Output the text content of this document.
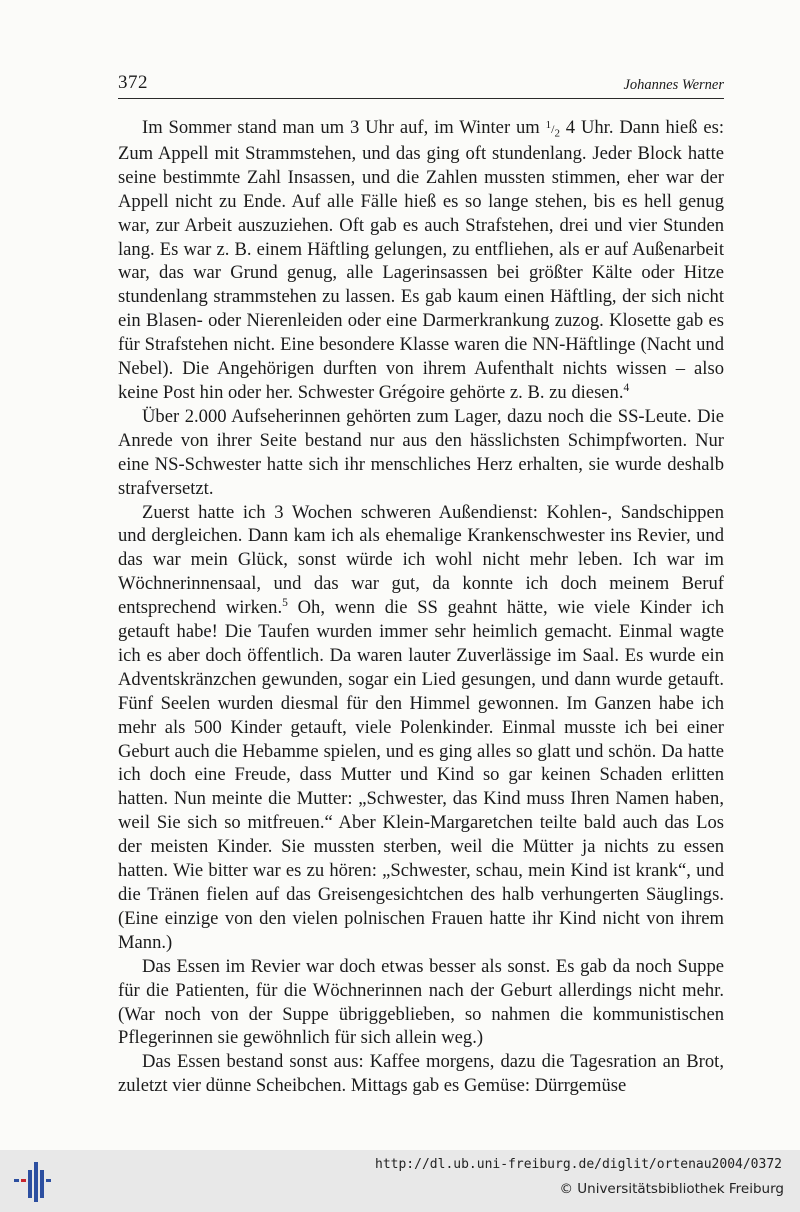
372	Johannes Werner

Im Sommer stand man um 3 Uhr auf, im Winter um $^1/_2$ 4 Uhr. Dann hieß es: Zum Appell mit Strammstehen, und das ging oft stundenlang. Jeder Block hatte seine bestimmte Zahl Insassen, und die Zahlen mussten stimmen, eher war der Appell nicht zu Ende. Auf alle Fälle hieß es so lange stehen, bis es hell genug war, zur Arbeit auszuziehen. Oft gab es auch Strafstehen, drei und vier Stunden lang. Es war z. B. einem Häftling gelungen, zu entfliehen, als er auf Außenarbeit war, das war Grund genug, alle Lagerinsassen bei größter Kälte oder Hitze stundenlang strammstehen zu lassen. Es gab kaum einen Häftling, der sich nicht ein Blasen- oder Nierenleiden oder eine Darmerkrankung zuzog. Klosette gab es für Strafstehen nicht. Eine besondere Klasse waren die NN-Häftlinge (Nacht und Nebel). Die Angehörigen durften von ihrem Aufenthalt nichts wissen – also keine Post hin oder her. Schwester Grégoire gehörte z. B. zu diesen.$^4$

Über 2.000 Aufseherinnen gehörten zum Lager, dazu noch die SS-Leute. Die Anrede von ihrer Seite bestand nur aus den hässlichsten Schimpfworten. Nur eine NS-Schwester hatte sich ihr menschliches Herz erhalten, sie wurde deshalb strafversetzt.

Zuerst hatte ich 3 Wochen schweren Außendienst: Kohlen-, Sandschippen und dergleichen. Dann kam ich als ehemalige Krankenschwester ins Revier, und das war mein Glück, sonst würde ich wohl nicht mehr leben. Ich war im Wöchnerinnensaal, und das war gut, da konnte ich doch meinem Beruf entsprechend wirken.$^5$ Oh, wenn die SS geahnt hätte, wie viele Kinder ich getauft habe! Die Taufen wurden immer sehr heimlich gemacht. Einmal wagte ich es aber doch öffentlich. Da waren lauter Zuverlässige im Saal. Es wurde ein Adventskränzchen gewunden, sogar ein Lied gesungen, und dann wurde getauft. Fünf Seelen wurden diesmal für den Himmel gewonnen. Im Ganzen habe ich mehr als 500 Kinder getauft, viele Polenkinder. Einmal musste ich bei einer Geburt auch die Hebamme spielen, und es ging alles so glatt und schön. Da hatte ich doch eine Freude, dass Mutter und Kind so gar keinen Schaden erlitten hatten. Nun meinte die Mutter: „Schwester, das Kind muss Ihren Namen haben, weil Sie sich so mitfreuen.“ Aber Klein-Margaretchen teilte bald auch das Los der meisten Kinder. Sie mussten sterben, weil die Mütter ja nichts zu essen hatten. Wie bitter war es zu hören: „Schwester, schau, mein Kind ist krank“, und die Tränen fielen auf das Greisengesichtchen des halb verhungerten Säuglings. (Eine einzige von den vielen polnischen Frauen hatte ihr Kind nicht von ihrem Mann.)

Das Essen im Revier war doch etwas besser als sonst. Es gab da noch Suppe für die Patienten, für die Wöchnerinnen nach der Geburt allerdings nicht mehr. (War noch von der Suppe übriggeblieben, so nahmen die kommunistischen Pflegerinnen sie gewöhnlich für sich allein weg.)

Das Essen bestand sonst aus: Kaffee morgens, dazu die Tagesration an Brot, zuletzt vier dünne Scheibchen. Mittags gab es Gemüse: Dürrgemüse

http://dl.ub.uni-freiburg.de/diglit/ortenau2004/0372
© Universitätsbibliothek Freiburg
